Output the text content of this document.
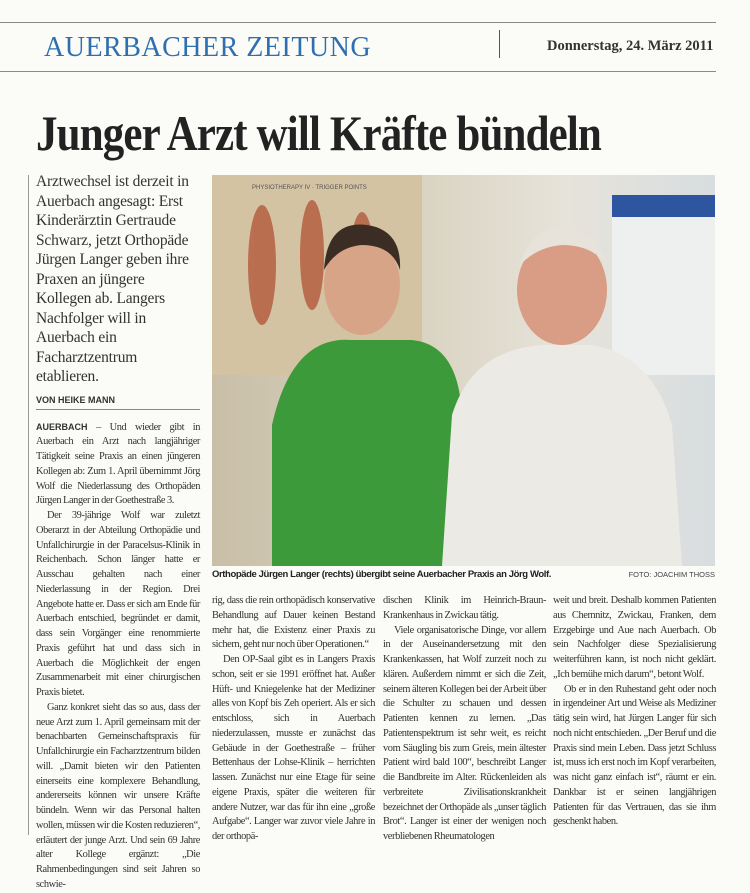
AUERBACHER ZEITUNG	Donnerstag, 24. März 2011
Junger Arzt will Kräfte bündeln
Arztwechsel ist derzeit in Auerbach angesagt: Erst Kinderärztin Gertraude Schwarz, jetzt Orthopäde Jürgen Langer geben ihre Praxen an jüngere Kollegen ab. Langers Nachfolger will in Auerbach ein Facharztzentrum etablieren.
VON HEIKE MANN

AUERBACH – Und wieder gibt in Auerbach ein Arzt nach langjähriger Tätigkeit seine Praxis an einen jüngeren Kollegen ab: Zum 1. April übernimmt Jörg Wolf die Niederlassung des Orthopäden Jürgen Langer in der Goethestraße 3.

Der 39-jährige Wolf war zuletzt Oberarzt in der Abteilung Orthopädie und Unfallchirurgie in der Paracelsus-Klinik in Reichenbach. Schon länger hatte er Ausschau gehalten nach einer Niederlassung in der Region. Drei Angebote hatte er. Dass er sich am Ende für Auerbach entschied, begründet er damit, dass sein Vorgänger eine renommierte Praxis geführt hat und dass sich in Auerbach die Möglichkeit der engen Zusammenarbeit mit einer chirurgischen Praxis bietet.

Ganz konkret sieht das so aus, dass der neue Arzt zum 1. April gemeinsam mit der benachbarten Gemeinschaftspraxis für Unfallchirurgie ein Facharztzentrum bilden will. „Damit bieten wir den Patienten einerseits eine komplexere Behandlung, andererseits können wir unsere Kräfte bündeln. Wenn wir das Personal halten wollen, müssen wir die Kosten reduzieren“, erläutert der junge Arzt. Und sein 69 Jahre alter Kollege ergänzt: „Die Rahmenbedingungen sind seit Jahren so schwie-

PHYSIOTHERAPY IV · TRIGGER POINTS
Orthopäde Jürgen Langer (rechts) übergibt seine Auerbacher Praxis an Jörg Wolf.	FOTO: JOACHIM THOSS

rig, dass die rein orthopädisch konservative Behandlung auf Dauer keinen Bestand mehr hat, die Existenz einer Praxis zu sichern, geht nur noch über Operationen.“

Den OP-Saal gibt es in Langers Praxis schon, seit er sie 1991 eröffnet hat. Außer Hüft- und Kniegelenke hat der Mediziner alles von Kopf bis Zeh operiert. Als er sich entschloss, sich in Auerbach niederzulassen, musste er zunächst das Gebäude in der Goethestraße – früher Bettenhaus der Lohse-Klinik – herrichten lassen. Zunächst nur eine Etage für seine eigene Praxis, später die weiteren für andere Nutzer, war das für ihn eine „große Aufgabe“. Langer war zuvor viele Jahre in der orthopä-

dischen Klinik im Heinrich-Braun-Krankenhaus in Zwickau tätig.

Viele organisatorische Dinge, vor allem in der Auseinandersetzung mit den Krankenkassen, hat Wolf zurzeit noch zu klären. Außerdem nimmt er sich die Zeit, seinem älteren Kollegen bei der Arbeit über die Schulter zu schauen und dessen Patienten kennen zu lernen. „Das Patientenspektrum ist sehr weit, es reicht vom Säugling bis zum Greis, mein ältester Patient wird bald 100“, beschreibt Langer die Bandbreite im Alter. Rückenleiden als verbreitete Zivilisationskrankheit bezeichnet der Orthopäde als „unser täglich Brot“. Langer ist einer der wenigen noch verbliebenen Rheumatologen

weit und breit. Deshalb kommen Patienten aus Chemnitz, Zwickau, Franken, dem Erzgebirge und Aue nach Auerbach. Ob sein Nachfolger diese Spezialisierung weiterführen kann, ist noch nicht geklärt. „Ich bemühe mich darum“, betont Wolf.

Ob er in den Ruhestand geht oder noch in irgendeiner Art und Weise als Mediziner tätig sein wird, hat Jürgen Langer für sich noch nicht entschieden. „Der Beruf und die Praxis sind mein Leben. Dass jetzt Schluss ist, muss ich erst noch im Kopf verarbeiten, was nicht ganz einfach ist“, räumt er ein. Dankbar ist er seinen langjährigen Patienten für das Vertrauen, das sie ihm geschenkt haben.
